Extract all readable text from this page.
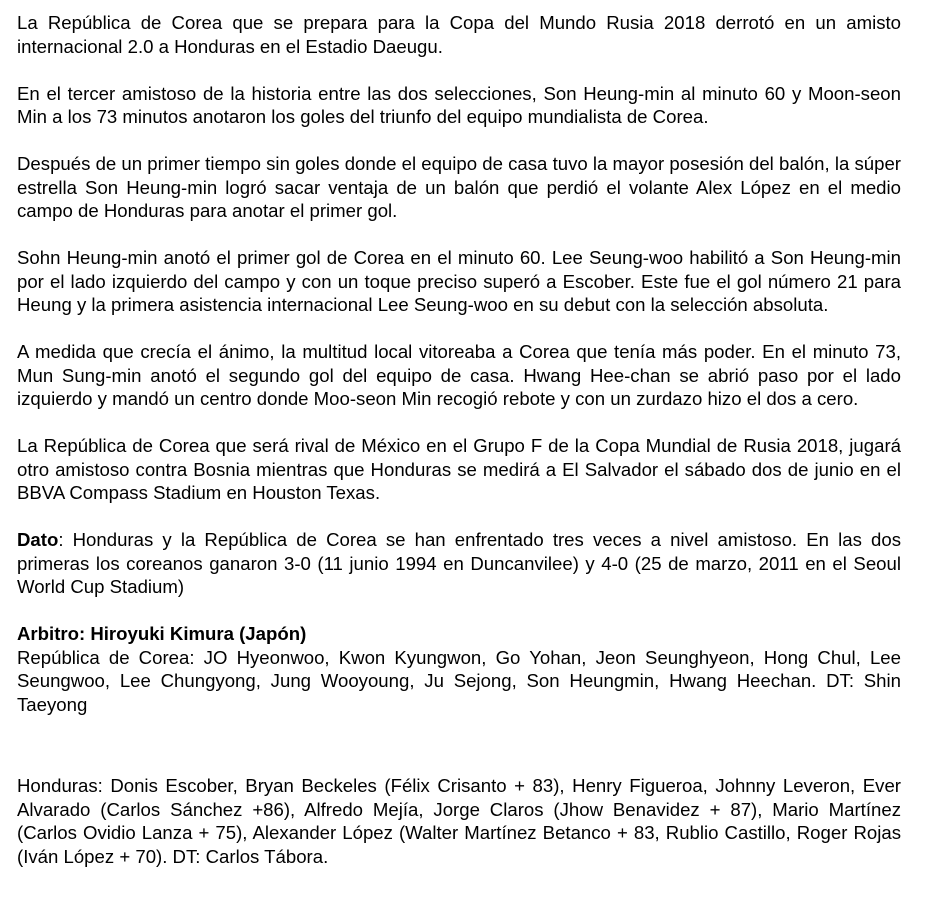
La República de Corea que se prepara para la Copa del Mundo Rusia 2018 derrotó en un amisto internacional 2.0 a Honduras en el Estadio Daeugu.

En el tercer amistoso de la historia entre las dos selecciones, Son Heung-min al minuto 60 y Moon-seon Min a los 73 minutos anotaron los goles del triunfo del equipo mundialista de Corea.

Después de un primer tiempo sin goles donde el equipo de casa tuvo la mayor posesión del balón, la súper estrella Son Heung-min logró sacar ventaja de un balón que perdió el volante Alex López en el medio campo de Honduras para anotar el primer gol.

Sohn Heung-min anotó el primer gol de Corea en el minuto 60. Lee Seung-woo habilitó a Son Heung-min por el lado izquierdo del campo y con un toque preciso superó a Escober. Este fue el gol número 21 para Heung y la primera asistencia internacional Lee Seung-woo en su debut con la selección absoluta.

A medida que crecía el ánimo, la multitud local vitoreaba a Corea que tenía más poder. En el minuto 73, Mun Sung-min anotó el segundo gol del equipo de casa. Hwang Hee-chan se abrió paso por el lado izquierdo y mandó un centro donde Moo-seon Min recogió rebote y con un zurdazo hizo el dos a cero.

La República de Corea que será rival de México en el Grupo F de la Copa Mundial de Rusia 2018, jugará otro amistoso contra Bosnia mientras que Honduras se medirá a El Salvador el sábado dos de junio en el BBVA Compass Stadium en Houston Texas.

Dato: Honduras y la República de Corea se han enfrentado tres veces a nivel amistoso. En las dos primeras los coreanos ganaron 3-0 (11 junio 1994 en Duncanvilee) y 4-0 (25 de marzo, 2011 en el Seoul World Cup Stadium)

Arbitro: Hiroyuki Kimura (Japón)

República de Corea: JO Hyeonwoo, Kwon Kyungwon, Go Yohan, Jeon Seunghyeon, Hong Chul, Lee Seungwoo, Lee Chungyong, Jung Wooyoung, Ju Sejong, Son Heungmin, Hwang Heechan. DT: Shin Taeyong

Honduras: Donis Escober, Bryan Beckeles (Félix Crisanto + 83), Henry Figueroa, Johnny Leveron, Ever Alvarado (Carlos Sánchez +86), Alfredo Mejía, Jorge Claros (Jhow Benavidez + 87), Mario Martínez (Carlos Ovidio Lanza + 75), Alexander López (Walter Martínez Betanco + 83, Rublio Castillo, Roger Rojas (Iván López + 70). DT: Carlos Tábora.
